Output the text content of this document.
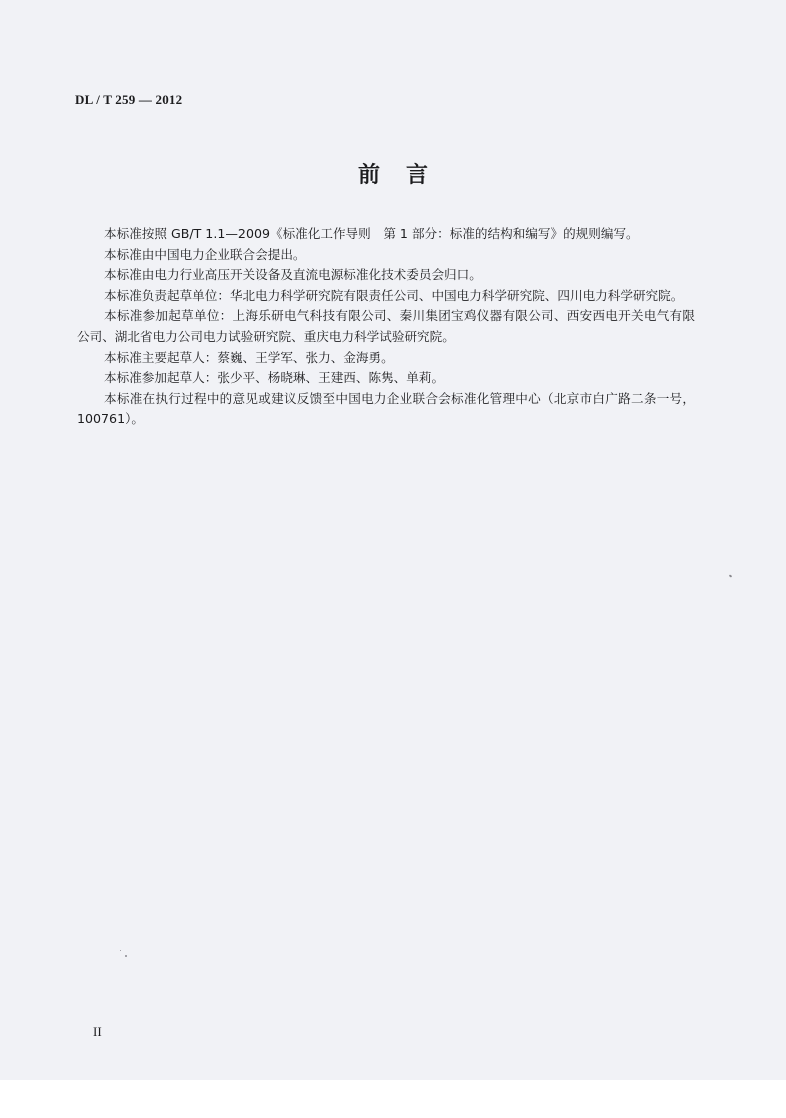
DL / T 259 — 2012
前言

本标准按照 GB/T 1.1—2009《标准化工作导则　第 1 部分：标准的结构和编写》的规则编写。

本标准由中国电力企业联合会提出。

本标准由电力行业高压开关设备及直流电源标准化技术委员会归口。

本标准负责起草单位：华北电力科学研究院有限责任公司、中国电力科学研究院、四川电力科学研究院。

本标准参加起草单位：上海乐研电气科技有限公司、秦川集团宝鸡仪器有限公司、西安西电开关电气有限公司、湖北省电力公司电力试验研究院、重庆电力科学试验研究院。

本标准主要起草人：蔡巍、王学军、张力、金海勇。

本标准参加起草人：张少平、杨晓琳、王建西、陈隽、单莉。

本标准在执行过程中的意见或建议反馈至中国电力企业联合会标准化管理中心（北京市白广路二条一号，100761）。

II
